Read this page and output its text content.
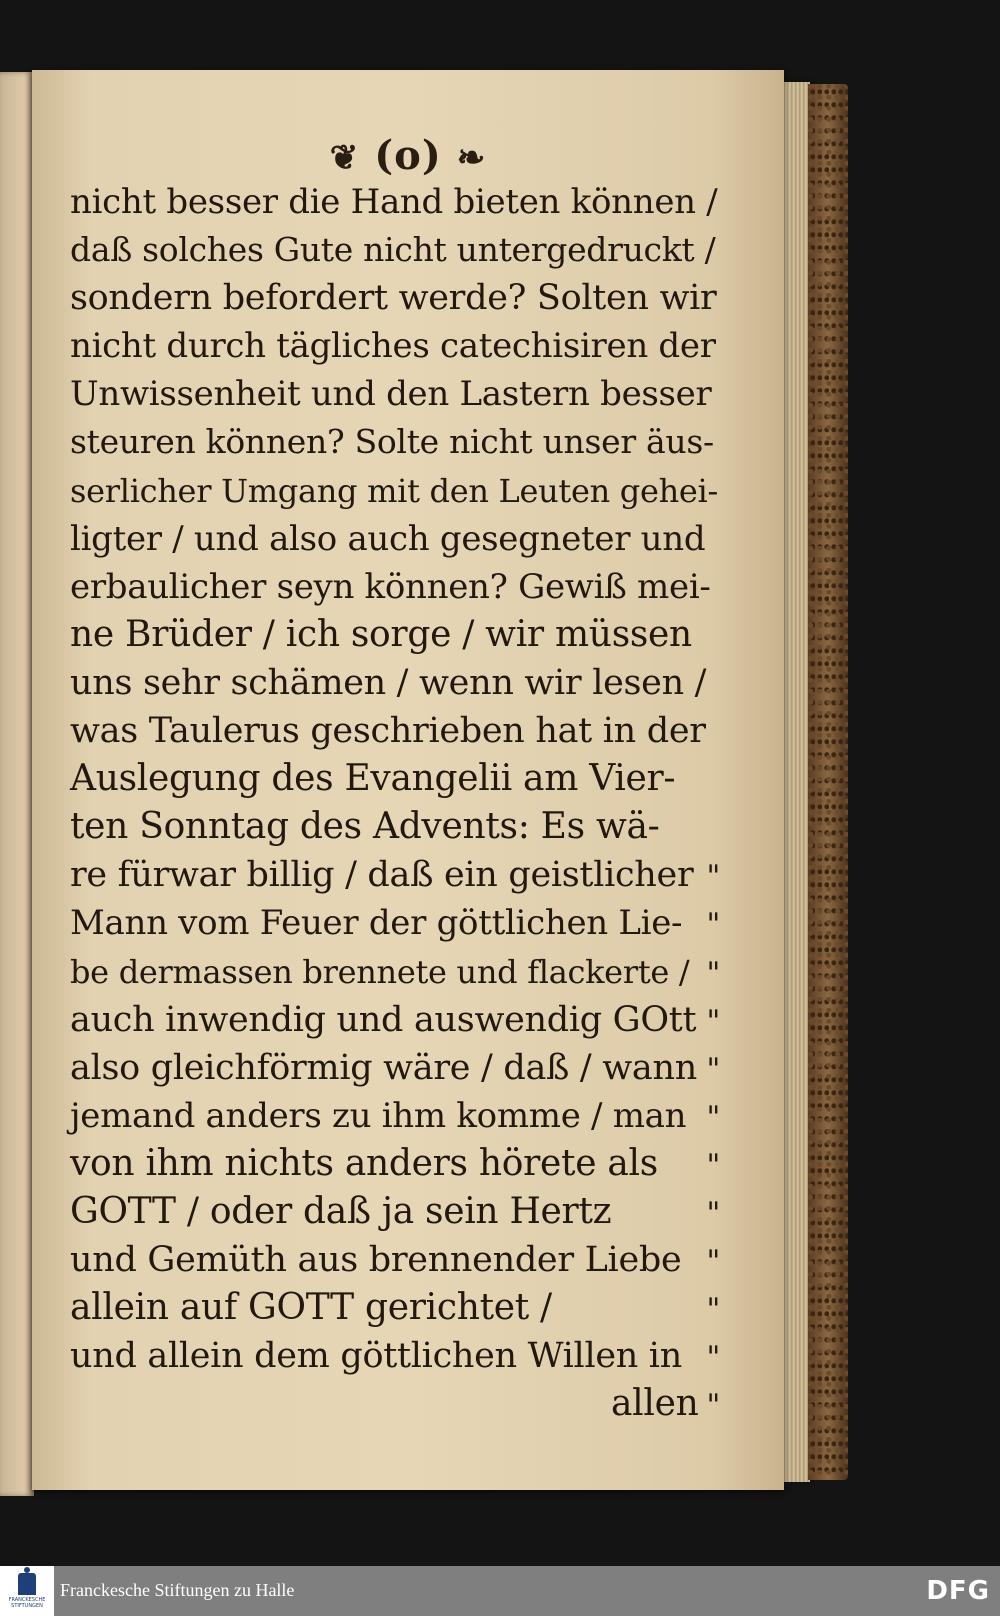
❦ (o) ❧
nicht besser die Hand bieten können /
daß solches Gute nicht untergedruckt /
sondern befordert werde? Solten wir
nicht durch tägliches catechisiren der
Unwissenheit und den Lastern besser
steuren können? Solte nicht unser äus-
serlicher Umgang mit den Leuten gehei-
ligter / und also auch gesegneter und
erbaulicher seyn können? Gewiß mei-
ne Brüder / ich sorge / wir müssen
uns sehr schämen / wenn wir lesen /
was Taulerus geschrieben hat in der
Auslegung des Evangelii am Vier-
ten Sonntag des Advents: Es wä-
re fürwar billig / daß ein geistlicher "
Mann vom Feuer der göttlichen Lie- "
be dermassen brennete und flackerte / "
auch inwendig und auswendig GOtt "
also gleichförmig wäre / daß / wann "
jemand anders zu ihm komme / man "
von ihm nichts anders hörete als "
GOTT / oder daß ja sein Hertz	"
und Gemüth aus brennender Liebe "
allein auf GOTT gerichtet /	"
und allein dem göttlichen Willen in "
allen "
FRANCKESCHE STIFTUNGEN
Franckesche Stiftungen zu Halle	DFG
